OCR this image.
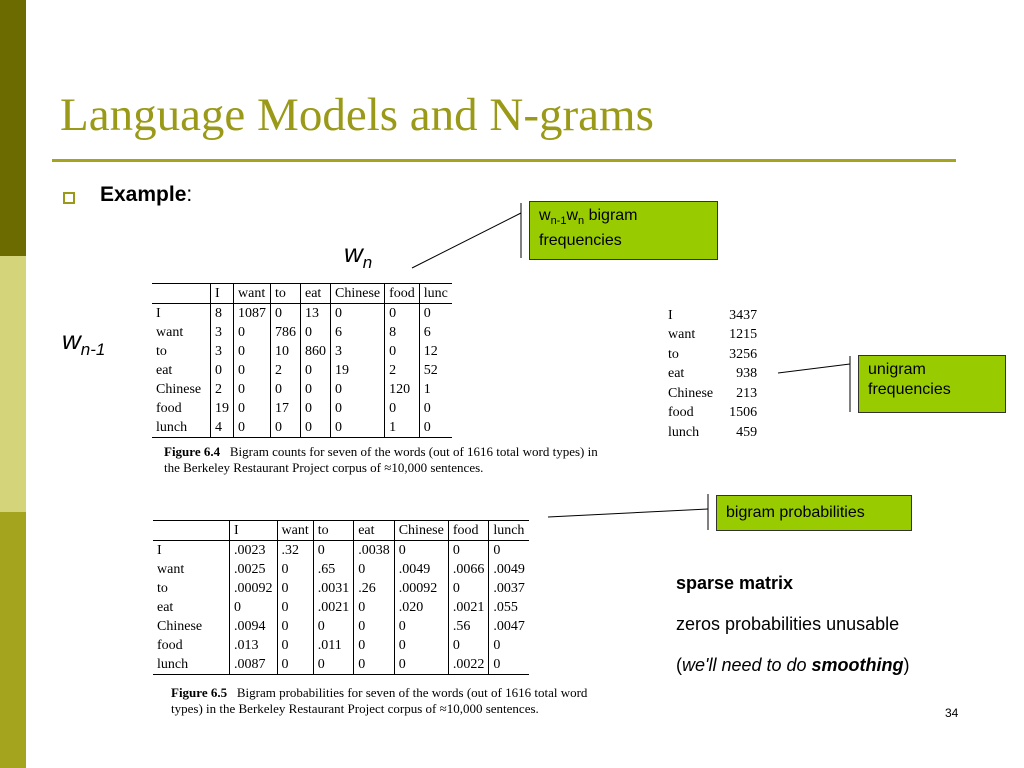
Language Models and N-grams
Example:
$w_n$
$w_{n-1}$
$w_{n-1}w_n$ bigram
frequencies
unigram
frequencies
bigram probabilities
	I	want	to	eat	Chinese	food	lunc
I	8	1087	0	13	0	0	0
want	3	0	786	0	6	8	6
to	3	0	10	860	3	0	12
eat	0	0	2	0	19	2	52
Chinese	2	0	0	0	0	120	1
food	19	0	17	0	0	0	0
lunch	4	0	0	0	0	1	0
Figure 6.4 Bigram counts for seven of the words (out of 1616 total word types) in the Berkeley Restaurant Project corpus of ≈10,000 sentences.
I	3437
want	1215
to	3256
eat	938
Chinese	213
food	1506
lunch	459
	I	want	to	eat	Chinese	food	lunch
I	.0023	.32	0	.0038	0	0	0
want	.0025	0	.65	0	.0049	.0066	.0049
to	.00092	0	.0031	.26	.00092	0	.0037
eat	0	0	.0021	0	.020	.0021	.055
Chinese	.0094	0	0	0	0	.56	.0047
food	.013	0	.011	0	0	0	0
lunch	.0087	0	0	0	0	.0022	0
Figure 6.5 Bigram probabilities for seven of the words (out of 1616 total word types) in the Berkeley Restaurant Project corpus of ≈10,000 sentences.
sparse matrix
zeros probabilities unusable
(we'll need to do smoothing)
34
